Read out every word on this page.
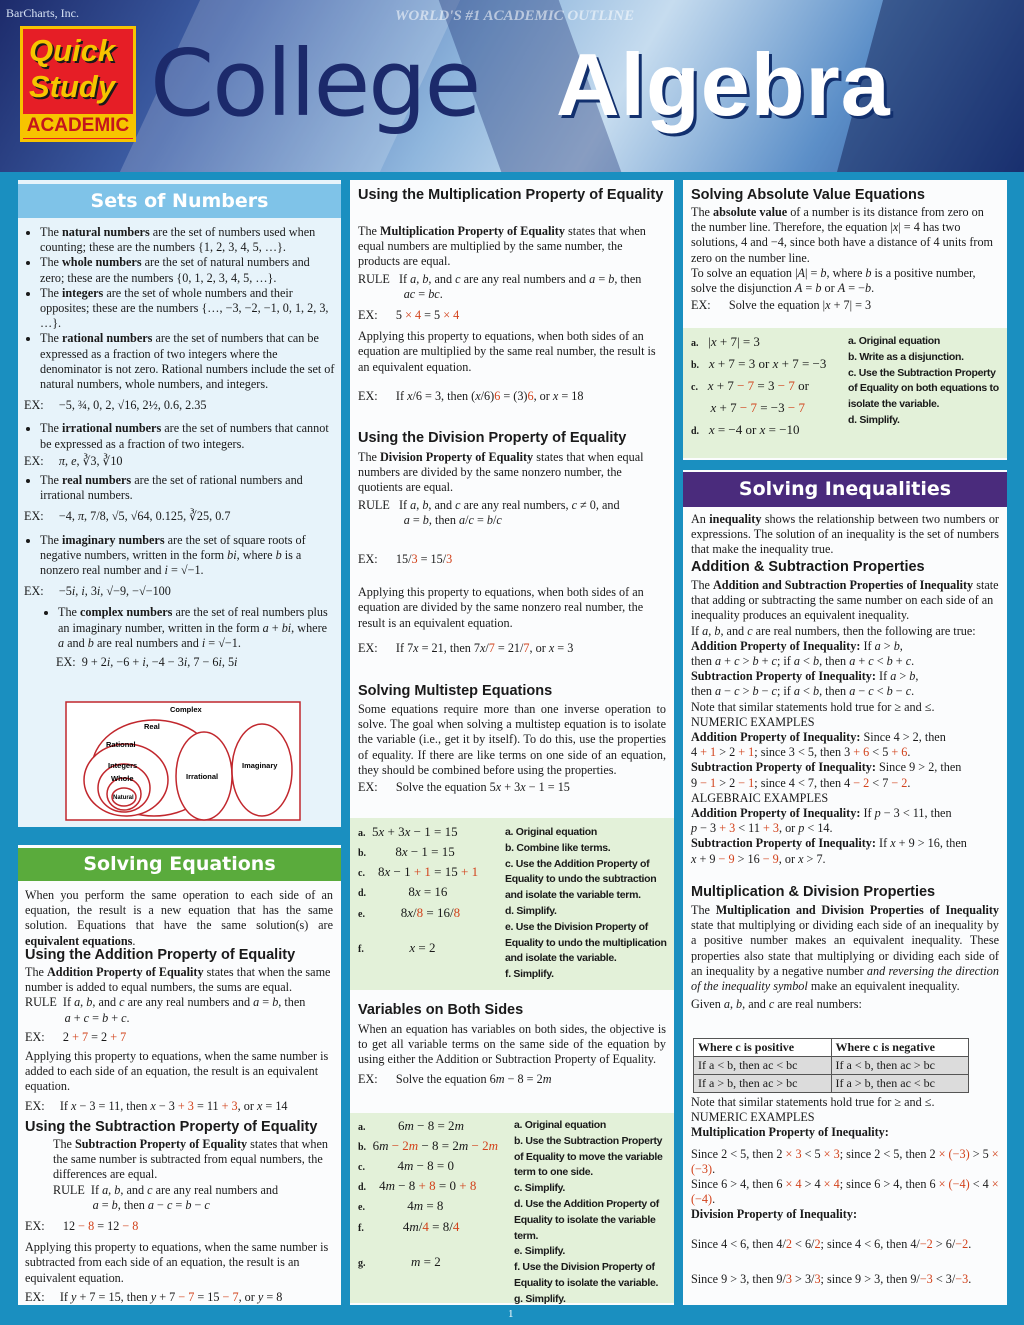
BarCharts, Inc.	WORLD'S #1 ACADEMIC OUTLINE
Quick
Study
ACADEMIC College Algebra
Sets of Numbers
• The natural numbers are the set of numbers used when counting; these are the numbers {1, 2, 3, 4, 5, …}.
• The whole numbers are the set of natural numbers and zero; these are the numbers {0, 1, 2, 3, 4, 5, …}.
• The integers are the set of whole numbers and their opposites; these are the numbers {…, −3, −2, −1, 0, 1, 2, 3, …}.
• The rational numbers are the set of numbers that can be expressed as a fraction of two integers where the denominator is not zero. Rational numbers include the set of natural numbers, whole numbers, and integers.
EX:     −5, ¾, 0, 2, √16, 2½, 0.6, 2.35
• The irrational numbers are the set of numbers that cannot be expressed as a fraction of two integers.
EX:     π, e, ∛3, ∛10
• The real numbers are the set of rational numbers and irrational numbers.
EX:     −4, π, 7/8, √5, √64, 0.125, ∛25, 0.7
• The imaginary numbers are the set of square roots of negative numbers, written in the form bi, where b is a nonzero real number and i = √−1.
EX:     −5i, i, 3i, √−9, −√−100
• The complex numbers are the set of real numbers plus an imaginary number, written in the form a + bi, where a and b are real numbers and i = √−1.
EX:  9 + 2i, −6 + i, −4 − 3i, 7 − 6i, 5i
Complex
Real
Rational
Integers
Whole
Natural
Irrational
Imaginary
Solving Equations
When you perform the same operation to each side of an equation, the result is a new equation that has the same solution. Equations that have the same solution(s) are equivalent equations.
Using the Addition Property of Equality
The Addition Property of Equality states that when the same number is added to equal numbers, the sums are equal.
RULE  If a, b, and c are any real numbers and a = b, then
a + c = b + c.

EX:      2 + 7 = 2 + 7
Applying this property to equations, when the same number is added to each side of an equation, the result is an equivalent equation.
EX:     If x − 3 = 11, then x − 3 + 3 = 11 + 3, or x = 14
Using the Subtraction Property of Equality
The Subtraction Property of Equality states that when the same number is subtracted from equal numbers, the differences are equal.
RULE  If a, b, and c are any real numbers and
a = b, then a − c = b − c
EX:      12 − 8 = 12 − 8
Applying this property to equations, when the same number is subtracted from each side of an equation, the result is an equivalent equation.
EX:     If y + 7 = 15, then y + 7 − 7 = 15 − 7, or y = 8
Using the Multiplication Property of Equality
The Multiplication Property of Equality states that when equal numbers are multiplied by the same number, the products are equal.

RULE   If a, b, and c are any real numbers and a = b, then
ac = bc.
EX:      5 × 4 = 5 × 4
Applying this property to equations, when both sides of an equation are multiplied by the same real number, the result is an equivalent equation.
EX:      If x/6 = 3, then (x/6)6 = (3)6, or x = 18
Using the Division Property of Equality
The Division Property of Equality states that when equal numbers are divided by the same nonzero number, the quotients are equal.

RULE   If a, b, and c are any real numbers, c ≠ 0, and
a = b, then a/c = b/c
EX:      15/3 = 15/3
Applying this property to equations, when both sides of an equation are divided by the same nonzero real number, the result is an equivalent equation.
EX:      If 7x = 21, then 7x/7 = 21/7, or x = 3
Solving Multistep Equations
Some equations require more than one inverse operation to solve. The goal when solving a multistep equation is to isolate the variable (i.e., get it by itself). To do this, use the properties of equality. If there are like terms on one side of an equation, they should be combined before using the properties.
EX:      Solve the equation 5x + 3x − 1 = 15
a.  5x + 3x − 1 = 15
b.         8x − 1 = 15
c.    8x − 1 + 1 = 15 + 1
d.             8x = 16
e.           8x/8 = 16/8
f.	x = 2
a. Original equation
b. Combine like terms.
c. Use the Addition Property of Equality to undo the subtraction and isolate the variable term.
d. Simplify.
e. Use the Division Property of Equality to undo the multiplication and isolate the variable.
f. Simplify.
Variables on Both Sides
When an equation has variables on both sides, the objective is to get all variable terms on the same side of the equation by using either the Addition or Subtraction Property of Equality.
EX:      Solve the equation 6m − 8 = 2m
a.          6m − 8 = 2m
b.  6m − 2m − 8 = 2m − 2m
c.          4m − 8 = 0
d.    4m − 8 + 8 = 0 + 8
e.             4m = 8
f.            4m/4 = 8/4
g.	m = 2
a. Original equation
b. Use the Subtraction Property of Equality to move the variable term to one side.
c. Simplify.
d. Use the Addition Property of Equality to isolate the variable term.
e. Simplify.
f. Use the Division Property of Equality to isolate the variable.
g. Simplify.
Solving Absolute Value Equations
The absolute value of a number is its distance from zero on the number line. Therefore, the equation |x| = 4 has two solutions, 4 and −4, since both have a distance of 4 units from zero on the number line.
To solve an equation |A| = b, where b is a positive number, solve the disjunction A = b or A = −b.
EX:      Solve the equation |x + 7| = 3
a.   |x + 7| = 3
b. x + 7 = 3 or x + 7 = −3
c. x + 7 − 7 = 3 − 7 or
x + 7 − 7 = −3 − 7
d. x = −4 or x = −10
a. Original equation
b. Write as a disjunction.
c. Use the Subtraction Property of Equality on both equations to isolate the variable.
d. Simplify.
Solving Inequalities
An inequality shows the relationship between two numbers or expressions. The solution of an inequality is the set of numbers that make the inequality true.
Addition & Subtraction Properties
The Addition and Subtraction Properties of Inequality state that adding or subtracting the same number on each side of an inequality produces an equivalent inequality.
If a, b, and c are real numbers, then the following are true:
Addition Property of Inequality: If a > b,
then a + c > b + c; if a < b, then a + c < b + c.
Subtraction Property of Inequality: If a > b,
then a − c > b − c; if a < b, then a − c < b − c.
Note that similar statements hold true for ≥ and ≤.
NUMERIC EXAMPLES
Addition Property of Inequality: Since 4 > 2, then
4 + 1 > 2 + 1; since 3 < 5, then 3 + 6 < 5 + 6.
Subtraction Property of Inequality: Since 9 > 2, then
9 − 1 > 2 − 1; since 4 < 7, then 4 − 2 < 7 − 2.
ALGEBRAIC EXAMPLES
Addition Property of Inequality: If p − 3 < 11, then
p − 3 + 3 < 11 + 3, or p < 14.
Subtraction Property of Inequality: If x + 9 > 16, then
x + 9 − 9 > 16 − 9, or x > 7.
Multiplication & Division Properties
The Multiplication and Division Properties of Inequality state that multiplying or dividing each side of an inequality by a positive number makes an equivalent inequality. These properties also state that multiplying or dividing each side of an inequality by a negative number and reversing the direction of the inequality symbol make an equivalent inequality.
Given a, b, and c are real numbers:
Where c is positive	Where c is negative
If a < b, then ac < bc	If a < b, then ac > bc
If a > b, then ac > bc	If a > b, then ac < bc
Note that similar statements hold true for ≥ and ≤.
NUMERIC EXAMPLES
Multiplication Property of Inequality:
Since 2 < 5, then 2 × 3 < 5 × 3; since 2 < 5, then 2 × (−3) > 5 × (−3).
Since 6 > 4, then 6 × 4 > 4 × 4; since 6 > 4, then 6 × (−4) < 4 × (−4).
Division Property of Inequality:
Since 4 < 6, then 4/2 < 6/2; since 4 < 6, then 4/−2 > 6/−2.
Since 9 > 3, then 9/3 > 3/3; since 9 > 3, then 9/−3 < 3/−3.
1
